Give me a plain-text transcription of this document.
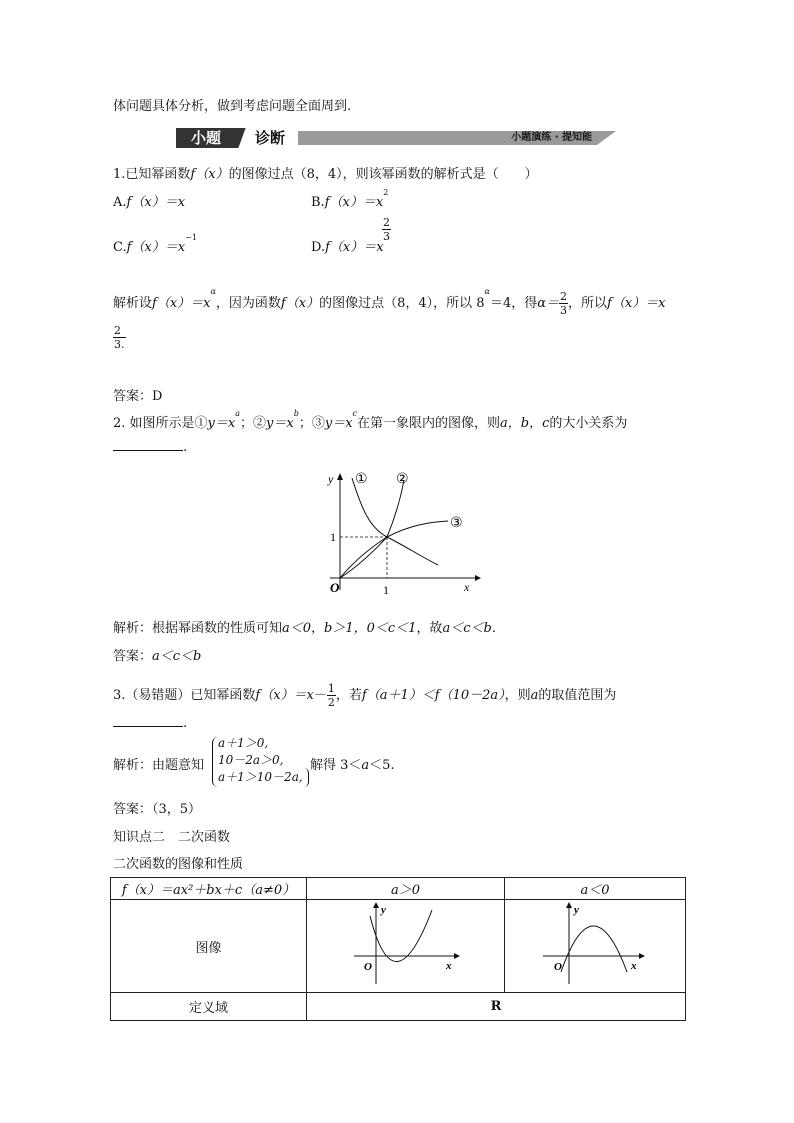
体问题具体分析，做到考虑问题全面周到.
小题	诊断	小题演练 · 提知能
1.已知幂函数f（x）的图像过点（8，4），则该幂函数的解析式是（　　）
A.f（x）＝x	$B.f(x)=x^2$
$C.f(x)=x^{-1}$
D.f（x）＝x
$\frac{2}{3}$
解析设$f(x)=x^\alpha$，因为函数f（x）的图像过点（8，4），所以 $8^\alpha=4$，得$\alpha= \frac{2}{3}$ ，所以f（x）＝x
$\frac{2}{3.}$
答案：D
2. 如图所示是$①y=x^a$；$②y=x^b$；$③y=x^c$在第一象限内的图像，则a，b，c的大小关系为
.
y
x
O	1
1
① ②
③
解析：根据幂函数的性质可知a＜0，b＞1，0＜c＜1，故a＜c＜b.
答案：a＜c＜b
3.（易错题）已知幂函数$f(x)=x- \frac{1}{2}$ ，若f（a＋1）＜f（10－2a），则a的取值范围为
.
解析：由题意知
a＋1＞0,
10－2a＞0,
a＋1＞10－2a,
解得 3＜a＜5.
答案：（3，5）
知识点二　二次函数
二次函数的图像和性质
f（x）＝ax²＋bx＋c（a≠0）	a＞0	a＜0
图像	y
x
O	y
x
O

定义域	R	
